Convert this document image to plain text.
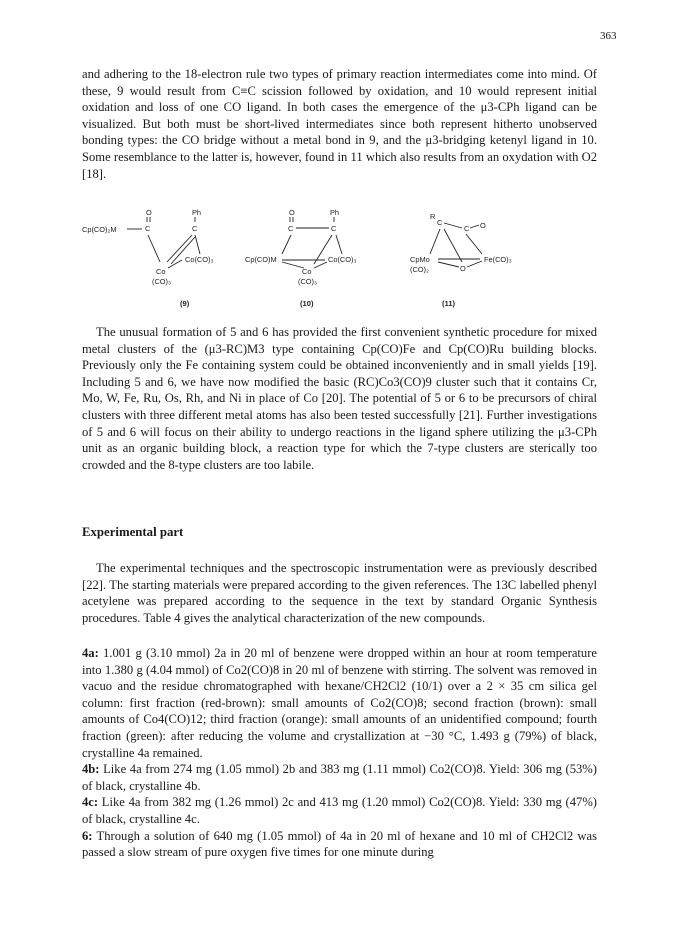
363
and adhering to the 18-electron rule two types of primary reaction intermediates come into mind. Of these, 9 would result from C≡C scission followed by oxidation, and 10 would represent initial oxidation and loss of one CO ligand. In both cases the emergence of the μ3-CPh ligand can be visualized. But both must be short-lived intermediates since both represent hitherto unobserved bonding types: the CO bridge without a metal bond in 9, and the μ3-bridging ketenyl ligand in 10. Some resemblance to the latter is, however, found in 11 which also results from an oxydation with O2 [18].
Cp(CO)₂M
O
C
Ph
C
Co(CO)₃
Co
(CO)₃
(9)
O
C
Ph
C
Cp(CO)M	Co(CO)₃
Co
(CO)₃
(10)
R
C
C O
CpMo
(CO)₂	O
Fe(CO)₃
(11)
The unusual formation of 5 and 6 has provided the first convenient synthetic procedure for mixed metal clusters of the (μ3-RC)M3 type containing Cp(CO)Fe and Cp(CO)Ru building blocks. Previously only the Fe containing system could be obtained inconveniently and in small yields [19]. Including 5 and 6, we have now modified the basic (RC)Co3(CO)9 cluster such that it contains Cr, Mo, W, Fe, Ru, Os, Rh, and Ni in place of Co [20]. The potential of 5 or 6 to be precursors of chiral clusters with three different metal atoms has also been tested successfully [21]. Further investigations of 5 and 6 will focus on their ability to undergo reactions in the ligand sphere utilizing the μ3-CPh unit as an organic building block, a reaction type for which the 7-type clusters are sterically too crowded and the 8-type clusters are too labile.
Experimental part
The experimental techniques and the spectroscopic instrumentation were as previously described [22]. The starting materials were prepared according to the given references. The 13C labelled phenyl acetylene was prepared according to the sequence in the text by standard Organic Synthesis procedures. Table 4 gives the analytical characterization of the new compounds.
4a: 1.001 g (3.10 mmol) 2a in 20 ml of benzene were dropped within an hour at room temperature into 1.380 g (4.04 mmol) of Co2(CO)8 in 20 ml of benzene with stirring. The solvent was removed in vacuo and the residue chromatographed with hexane/CH2Cl2 (10/1) over a 2 × 35 cm silica gel column: first fraction (red-brown): small amounts of Co2(CO)8; second fraction (brown): small amounts of Co4(CO)12; third fraction (orange): small amounts of an unidentified compound; fourth fraction (green): after reducing the volume and crystallization at −30 °C, 1.493 g (79%) of black, crystalline 4a remained.
4b: Like 4a from 274 mg (1.05 mmol) 2b and 383 mg (1.11 mmol) Co2(CO)8. Yield: 306 mg (53%) of black, crystalline 4b.
4c: Like 4a from 382 mg (1.26 mmol) 2c and 413 mg (1.20 mmol) Co2(CO)8. Yield: 330 mg (47%) of black, crystalline 4c.
6: Through a solution of 640 mg (1.05 mmol) of 4a in 20 ml of hexane and 10 ml of CH2Cl2 was passed a slow stream of pure oxygen five times for one minute during
